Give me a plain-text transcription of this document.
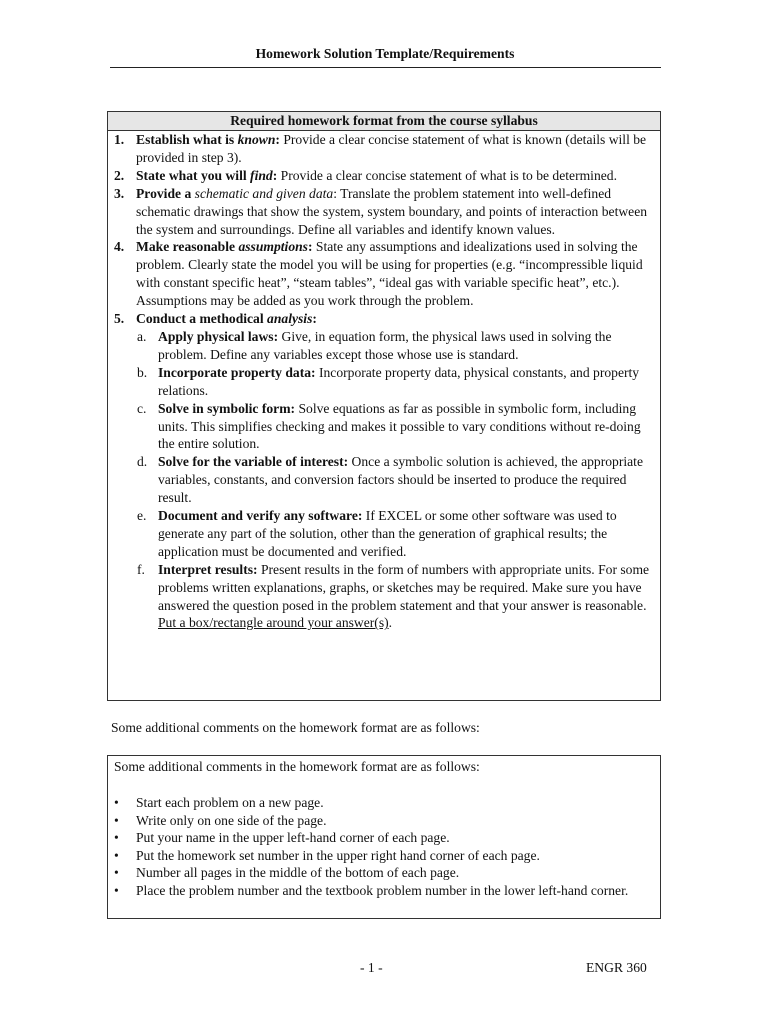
Homework Solution Template/Requirements
Required homework format from the course syllabus
1. Establish what is known: Provide a clear concise statement of what is known (details will be provided in step 3).
2. State what you will find: Provide a clear concise statement of what is to be determined.
3. Provide a schematic and given data: Translate the problem statement into well-defined schematic drawings that show the system, system boundary, and points of interaction between the system and surroundings. Define all variables and identify known values.
4. Make reasonable assumptions: State any assumptions and idealizations used in solving the problem. Clearly state the model you will be using for properties (e.g. “incompressible liquid with constant specific heat”, “steam tables”, “ideal gas with variable specific heat”, etc.). Assumptions may be added as you work through the problem.
5. Conduct a methodical analysis:
a. Apply physical laws: Give, in equation form, the physical laws used in solving the problem. Define any variables except those whose use is standard.
b. Incorporate property data: Incorporate property data, physical constants, and property relations.
c. Solve in symbolic form: Solve equations as far as possible in symbolic form, including units. This simplifies checking and makes it possible to vary conditions without re-doing the entire solution.
d. Solve for the variable of interest: Once a symbolic solution is achieved, the appropriate variables, constants, and conversion factors should be inserted to produce the required result.
e. Document and verify any software: If EXCEL or some other software was used to generate any part of the solution, other than the generation of graphical results; the application must be documented and verified.
f. Interpret results: Present results in the form of numbers with appropriate units. For some problems written explanations, graphs, or sketches may be required. Make sure you have answered the question posed in the problem statement and that your answer is reasonable. Put a box/rectangle around your answer(s).
Some additional comments on the homework format are as follows:
Some additional comments in the homework format are as follows:
• Start each problem on a new page.
• Write only on one side of the page.
• Put your name in the upper left-hand corner of each page.
• Put the homework set number in the upper right hand corner of each page.
• Number all pages in the middle of the bottom of each page.
• Place the problem number and the textbook problem number in the lower left-hand corner.
- 1 -	ENGR 360
